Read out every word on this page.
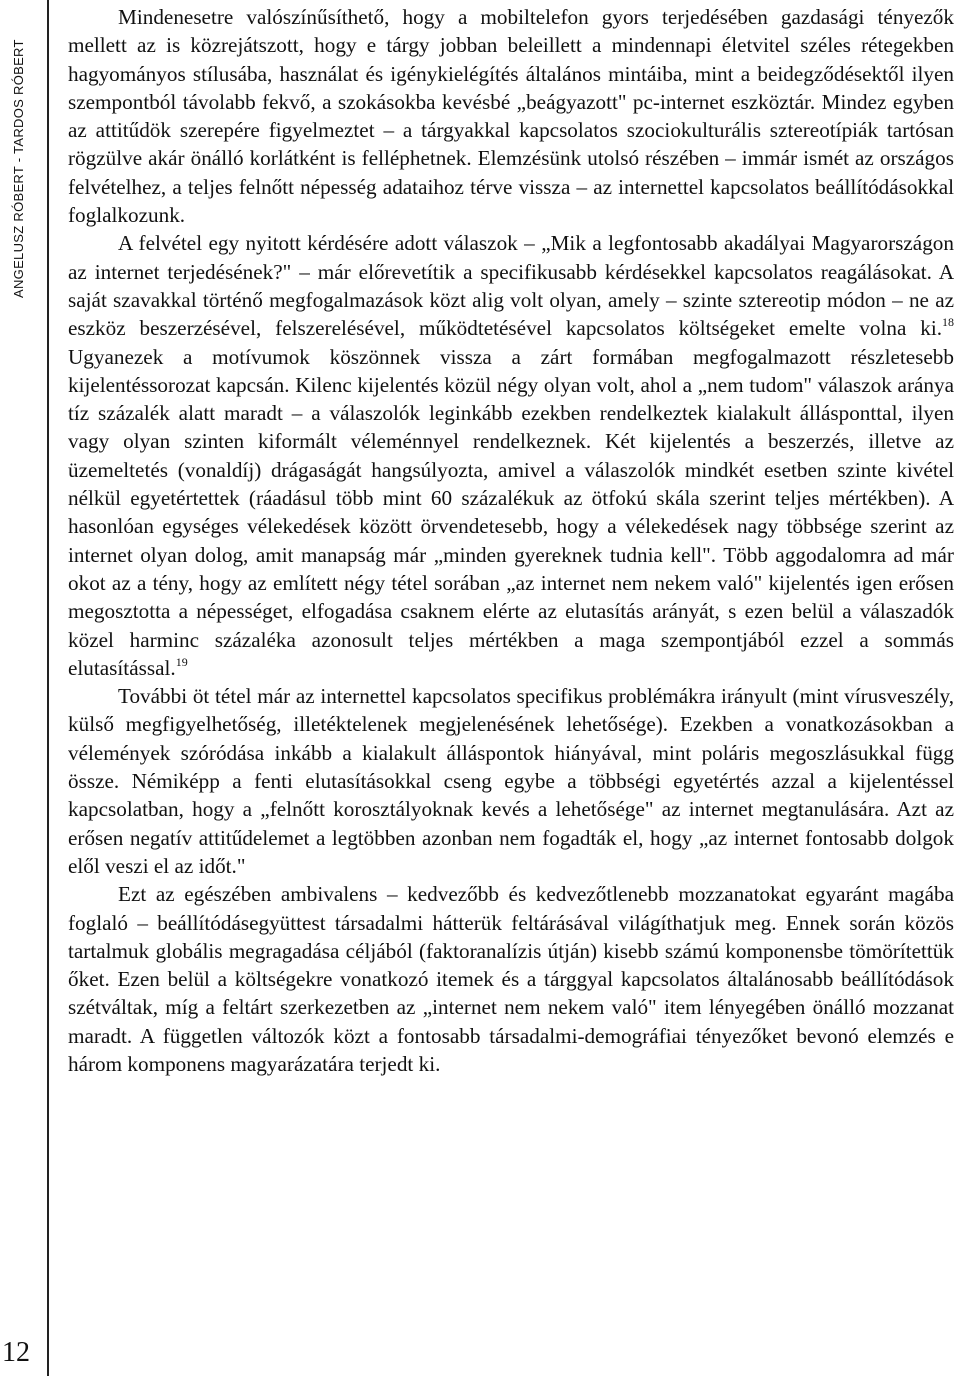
ANGELUSZ RÓBERT - TARDOS RÓBERT
12

Mindenesetre valószínűsíthető, hogy a mobiltelefon gyors terjedésében gazdasági tényezők mellett az is közrejátszott, hogy e tárgy jobban beleillett a mindennapi életvitel széles rétegekben hagyományos stílusába, használat és igénykielégítés általános mintáiba, mint a beidegződésektől ilyen szempontból távolabb fekvő, a szokásokba kevésbé „beágyazott" pc-internet eszköztár. Mindez egyben az attitűdök szerepére figyelmeztet – a tárgyakkal kapcsolatos szociokulturális sztereotípiák tartósan rögzülve akár önálló korlátként is felléphetnek. Elemzésünk utolsó részében – immár ismét az országos felvételhez, a teljes felnőtt népesség adataihoz térve vissza – az internettel kapcsolatos beállítódásokkal foglalkozunk.

A felvétel egy nyitott kérdésére adott válaszok – „Mik a legfontosabb akadályai Magyarországon az internet terjedésének?" – már előrevetítik a specifikusabb kérdésekkel kapcsolatos reagálásokat. A saját szavakkal történő megfogalmazások közt alig volt olyan, amely – szinte sztereotip módon – ne az eszköz beszerzésével, felszerelésével, működtetésével kapcsolatos költségeket emelte volna ki.$^{18}$ Ugyanezek a motívumok köszönnek vissza a zárt formában megfogalmazott részletesebb kijelentéssorozat kapcsán. Kilenc kijelentés közül négy olyan volt, ahol a „nem tudom" válaszok aránya tíz százalék alatt maradt – a válaszolók leginkább ezekben rendelkeztek kialakult állásponttal, ilyen vagy olyan szinten kiformált véleménnyel rendelkeznek. Két kijelentés a beszerzés, illetve az üzemeltetés (vonaldíj) drágaságát hangsúlyozta, amivel a válaszolók mindkét esetben szinte kivétel nélkül egyetértettek (ráadásul több mint 60 százalékuk az ötfokú skála szerint teljes mértékben). A hasonlóan egységes vélekedések között örvendetesebb, hogy a vélekedések nagy többsége szerint az internet olyan dolog, amit manapság már „minden gyereknek tudnia kell". Több aggodalomra ad már okot az a tény, hogy az említett négy tétel sorában „az internet nem nekem való" kijelentés igen erősen megosztotta a népességet, elfogadása csaknem elérte az elutasítás arányát, s ezen belül a válaszadók közel harminc százaléka azonosult teljes mértékben a maga szempontjából ezzel a sommás elutasítással.$^{19}$

További öt tétel már az internettel kapcsolatos specifikus problémákra irányult (mint vírusveszély, külső megfigyelhetőség, illetéktelenek megjelenésének lehetősége). Ezekben a vonatkozásokban a vélemények szóródása inkább a kialakult álláspontok hiányával, mint poláris megoszlásukkal függ össze. Némiképp a fenti elutasításokkal cseng egybe a többségi egyetértés azzal a kijelentéssel kapcsolatban, hogy a „felnőtt korosztályoknak kevés a lehetősége" az internet megtanulására. Azt az erősen negatív attitűdelemet a legtöbben azonban nem fogadták el, hogy „az internet fontosabb dolgok elől veszi el az időt."

Ezt az egészében ambivalens – kedvezőbb és kedvezőtlenebb mozzanatokat egyaránt magába foglaló – beállítódásegyüttest társadalmi hátterük feltárásával világíthatjuk meg. Ennek során közös tartalmuk globális megragadása céljából (faktoranalízis útján) kisebb számú komponensbe tömörítettük őket. Ezen belül a költségekre vonatkozó itemek és a tárggyal kapcsolatos általánosabb beállítódások szétváltak, míg a feltárt szerkezetben az „internet nem nekem való" item lényegében önálló mozzanat maradt. A független változók közt a fontosabb társadalmi-demográfiai tényezőket bevonó elemzés e három komponens magyarázatára terjedt ki.
